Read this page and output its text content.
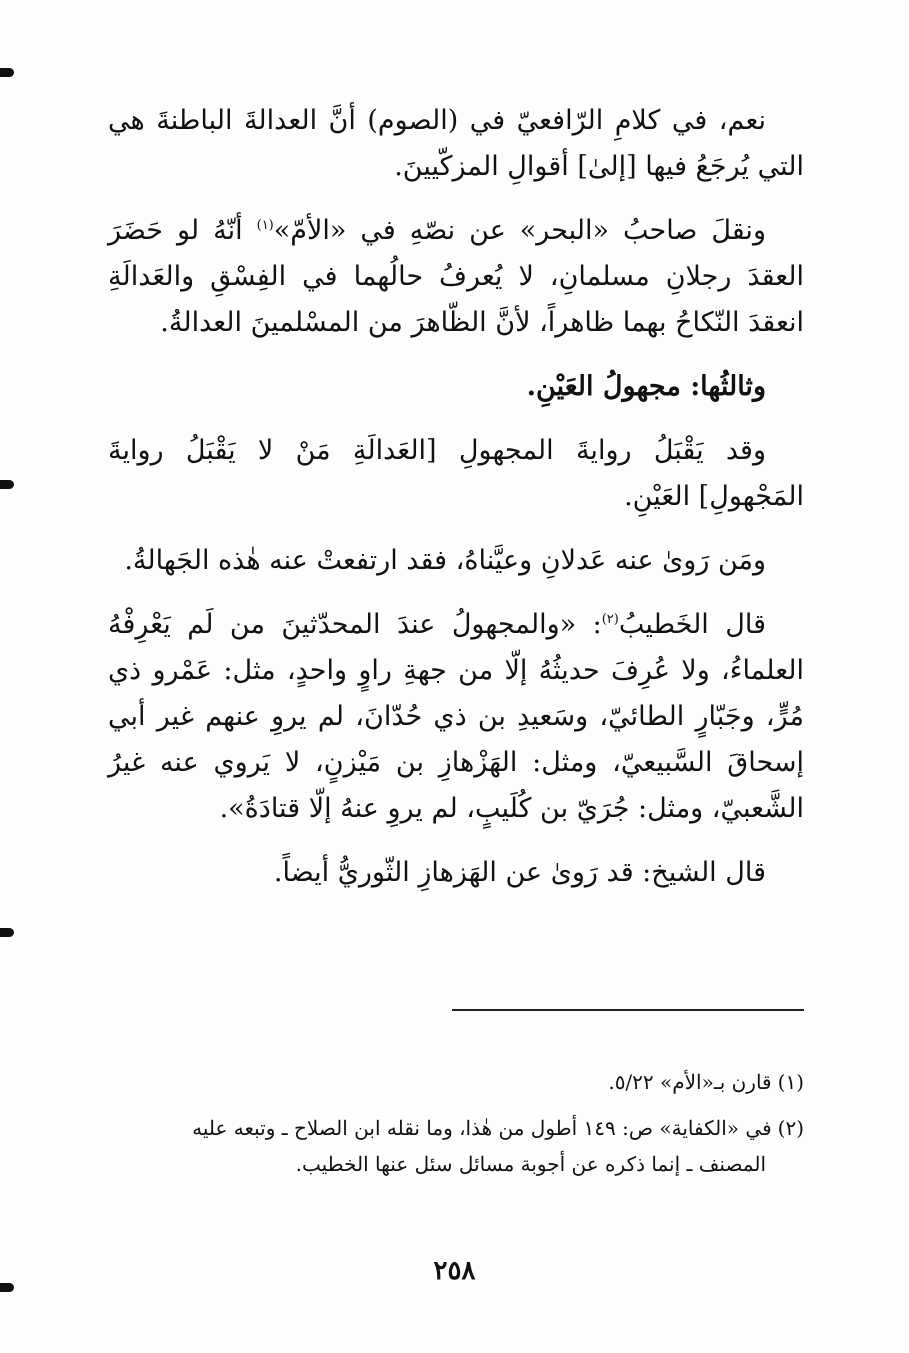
نعم، في كلامِ الرّافعيّ في (الصوم) أنَّ العدالةَ الباطنةَ هي التي يُرجَعُ فيها [إلىٰ] أقوالِ المزكّيينَ.

ونقلَ صاحبُ «البحر» عن نصّهِ في «الأمّ»$^{(١)}$ أنّهُ لو حَضَرَ العقدَ رجلانِ مسلمانِ، لا يُعرفُ حالُهما في الفِسْقِ والعَدالَةِ انعقدَ النّكاحُ بهما ظاهراً، لأنَّ الظّاهرَ من المسْلمينَ العدالةُ.

وثالثُها: مجهولُ العَيْنِ.

وقد يَقْبَلُ روايةَ المجهولِ [العَدالَةِ مَنْ لا يَقْبَلُ روايةَ المَجْهولِ] العَيْنِ.

ومَن رَوىٰ عنه عَدلانِ وعيَّناهُ، فقد ارتفعتْ عنه هٰذه الجَهالةُ.

قال الخَطيبُ$^{(٢)}$: «والمجهولُ عندَ المحدّثينَ من لَم يَعْرِفْهُ العلماءُ، ولا عُرِفَ حديثُهُ إلّا من جهةِ راوٍ واحدٍ، مثل: عَمْرو ذي مُرٍّ، وجَبّارٍ الطائيّ، وسَعيدِ بن ذي حُدّانَ، لم يروِ عنهم غير أبي إسحاقَ السَّبيعيّ، ومثل: الهَزْهازِ بن مَيْزنٍ، لا يَروي عنه غيرُ الشَّعبيّ، ومثل: جُرَيّ بن كُلَيبٍ، لم يروِ عنهُ إلّا قتادَةُ».

قال الشيخ: قد رَوىٰ عن الهَزهازِ الثّوريُّ أيضاً.

(١)قارن بـ«الأم» ٥/٢٢.

(٢)في «الكفاية» ص: ١٤٩ أطول من هٰذا، وما نقله ابن الصلاح ـ وتبعه عليه
المصنف ـ إنما ذكره عن أجوبة مسائل سئل عنها الخطيب.

٢٥٨
